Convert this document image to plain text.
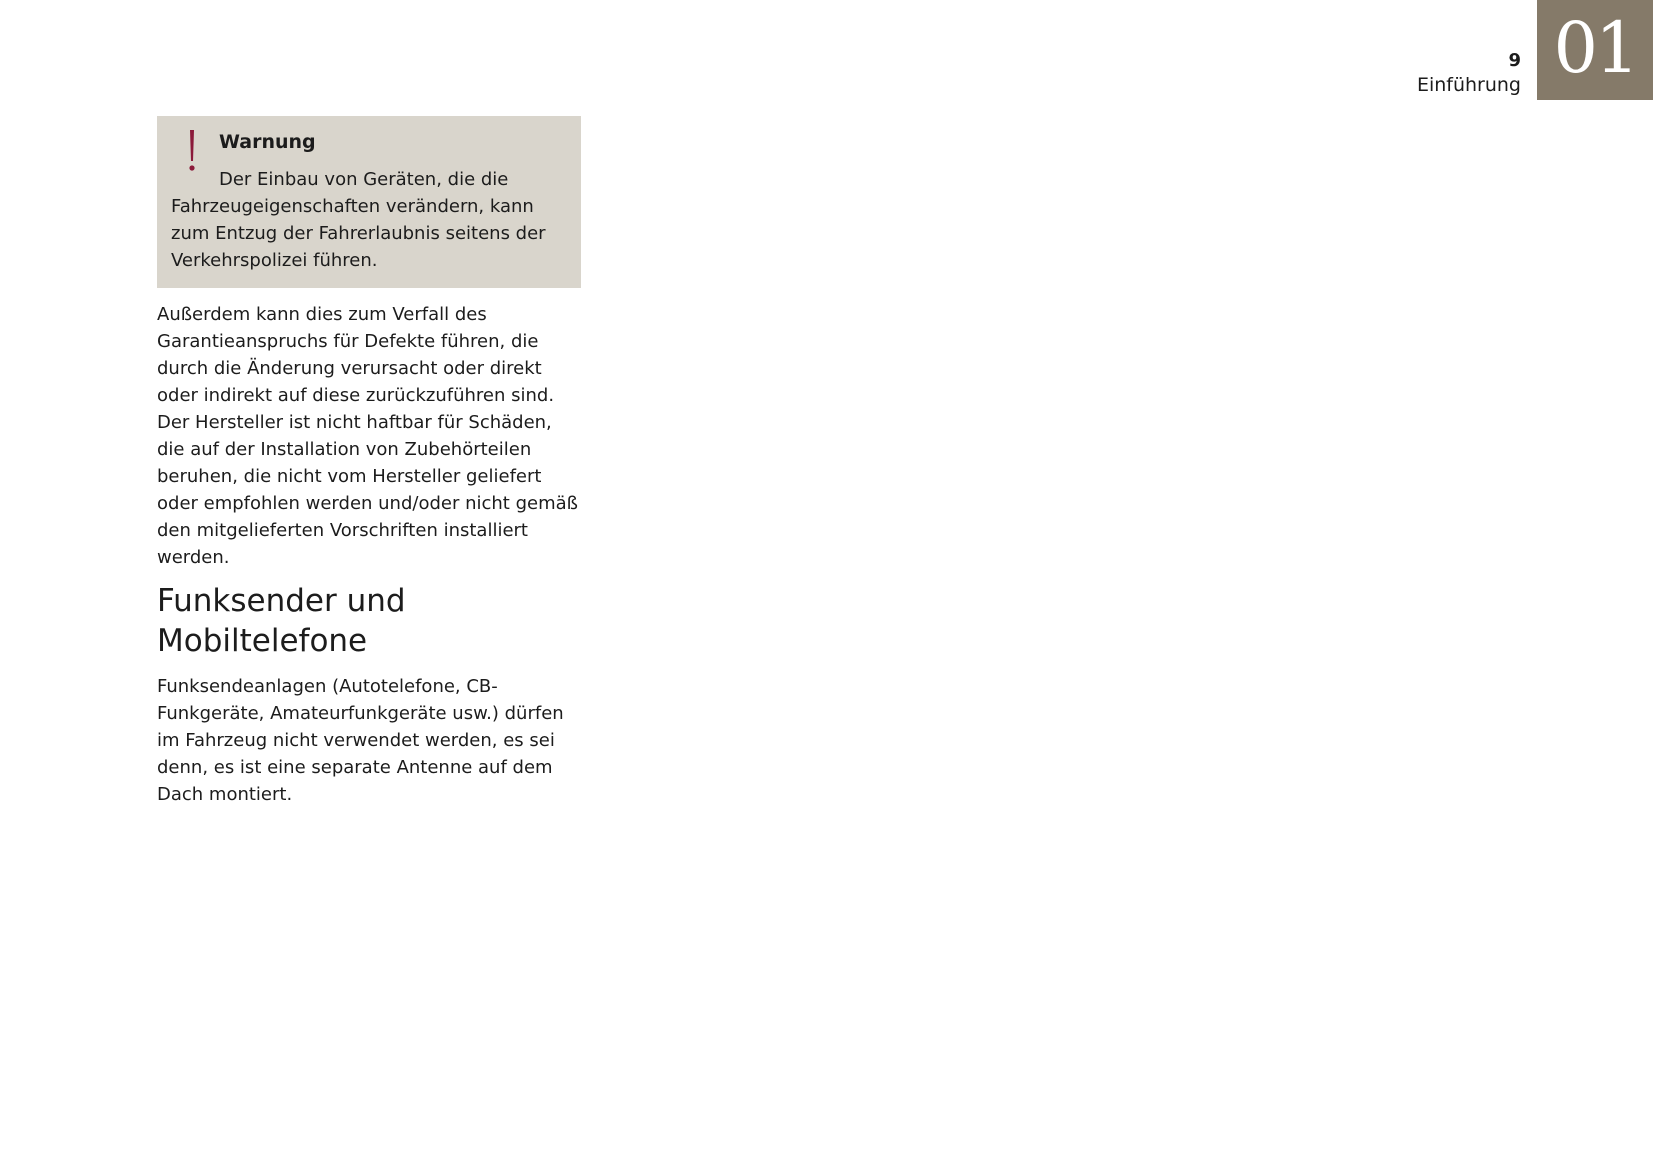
01
9
Einführung
Warnung

Der Einbau von Geräten, die die Fahrzeugeigenschaften verändern, kann zum Entzug der Fahrerlaubnis seitens der Verkehrspolizei führen.

Außerdem kann dies zum Verfall des Garantieanspruchs für Defekte führen, die durch die Änderung verursacht oder direkt oder indirekt auf diese zurückzuführen sind. Der Hersteller ist nicht haftbar für Schäden, die auf der Installation von Zubehörteilen beruhen, die nicht vom Hersteller geliefert oder empfohlen werden und/oder nicht gemäß den mitgelieferten Vorschriften installiert werden.

Funksender und Mobiltelefone

Funksendeanlagen (Autotelefone, CB-Funkgeräte, Amateurfunkgeräte usw.) dürfen im Fahrzeug nicht verwendet werden, es sei denn, es ist eine separate Antenne auf dem Dach montiert.
